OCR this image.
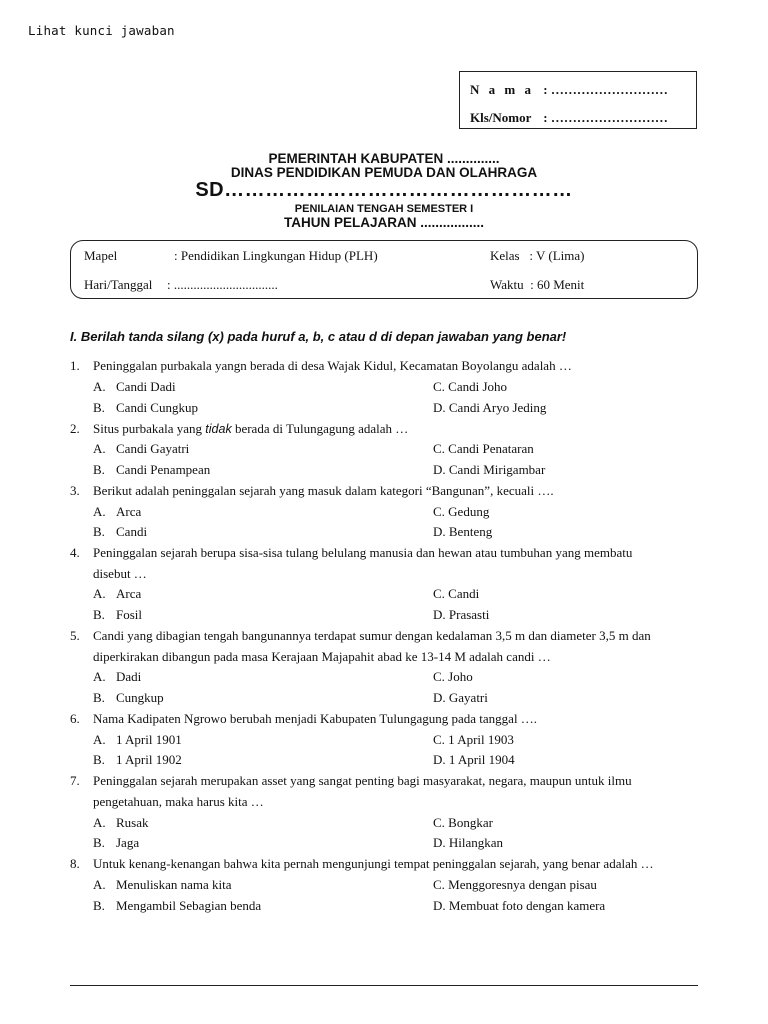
Lihat kunci jawaban
N a m a : ………………………
Kls/Nomor : ………………………
PEMERINTAH KABUPATEN ..............
DINAS PENDIDIKAN PEMUDA DAN OLAHRAGA
SD……………………………………………
PENILAIAN TENGAH SEMESTER I
TAHUN PELAJARAN .................
Mapel	: Pendidikan Lingkungan Hidup (PLH)	Kelas   : V (Lima)
Hari/Tanggal : ................................	Waktu  : 60 Menit
I. Berilah tanda silang (x) pada huruf a, b, c atau d di depan jawaban yang benar!
1. Peninggalan purbakala yangn berada di desa Wajak Kidul, Kecamatan Boyolangu adalah …
A. Candi Dadi	C. Candi Joho
B. Candi Cungkup	D. Candi Aryo Jeding
2. Situs purbakala yang tidak berada di Tulungagung adalah …
A. Candi Gayatri	C. Candi Penataran
B. Candi Penampean	D. Candi Mirigambar
3. Berikut adalah peninggalan sejarah yang masuk dalam kategori “Bangunan”, kecuali ….
A. Arca	C. Gedung
B. Candi	D. Benteng
4. Peninggalan sejarah berupa sisa-sisa tulang belulang manusia dan hewan atau tumbuhan yang membatu
disebut …
A. Arca	C. Candi
B. Fosil	D. Prasasti
5. Candi yang dibagian tengah bangunannya terdapat sumur dengan kedalaman 3,5 m dan diameter 3,5 m dan
diperkirakan dibangun pada masa Kerajaan Majapahit abad ke 13-14 M adalah candi …
A. Dadi	C. Joho
B. Cungkup	D. Gayatri
6. Nama Kadipaten Ngrowo berubah menjadi Kabupaten Tulungagung pada tanggal ….
A. 1 April 1901	C. 1 April 1903
B. 1 April 1902	D. 1 April 1904
7. Peninggalan sejarah merupakan asset yang sangat penting bagi masyarakat, negara, maupun untuk ilmu
pengetahuan, maka harus kita …
A. Rusak	C. Bongkar
B. Jaga	D. Hilangkan
8. Untuk kenang-kenangan bahwa kita pernah mengunjungi tempat peninggalan sejarah, yang benar adalah …
A. Menuliskan nama kita	C. Menggoresnya dengan pisau
B. Mengambil Sebagian benda	D. Membuat foto dengan kamera
